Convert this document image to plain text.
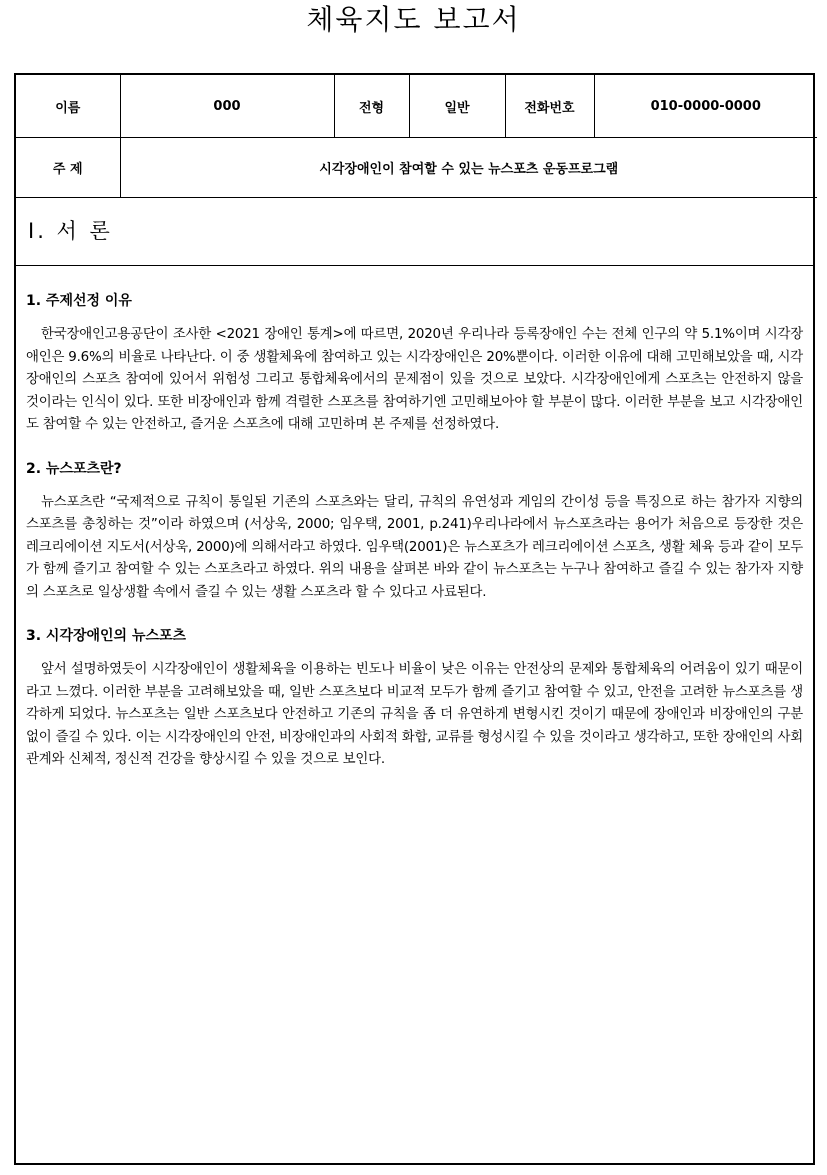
체육지도 보고서
이름	000	전형	일반	전화번호	010-0000-0000
주 제	시각장애인이 참여할 수 있는 뉴스포츠 운동프로그램				
Ⅰ. 서 론
1. 주제선정 이유

한국장애인고용공단이 조사한 <2021 장애인 통계>에 따르면, 2020년 우리나라 등록장애인 수는 전체 인구의 약 5.1%이며 시각장애인은 9.6%의 비율로 나타난다. 이 중 생활체육에 참여하고 있는 시각장애인은 20%뿐이다. 이러한 이유에 대해 고민해보았을 때, 시각장애인의 스포츠 참여에 있어서 위험성 그리고 통합체육에서의 문제점이 있을 것으로 보았다. 시각장애인에게 스포츠는 안전하지 않을 것이라는 인식이 있다. 또한 비장애인과 함께 격렬한 스포츠를 참여하기엔 고민해보아야 할 부분이 많다. 이러한 부분을 보고 시각장애인도 참여할 수 있는 안전하고, 즐거운 스포츠에 대해 고민하며 본 주제를 선정하였다.

2. 뉴스포츠란?

뉴스포츠란 “국제적으로 규칙이 통일된 기존의 스포츠와는 달리, 규칙의 유연성과 게임의 간이성 등을 특징으로 하는 참가자 지향의 스포츠를 총칭하는 것”이라 하였으며 (서상욱, 2000; 임우택, 2001, p.241)우리나라에서 뉴스포츠라는 용어가 처음으로 등장한 것은 레크리에이션 지도서(서상욱, 2000)에 의해서라고 하였다. 임우택(2001)은 뉴스포츠가 레크리에이션 스포츠, 생활 체육 등과 같이 모두가 함께 즐기고 참여할 수 있는 스포츠라고 하였다. 위의 내용을 살펴본 바와 같이 뉴스포츠는 누구나 참여하고 즐길 수 있는 참가자 지향의 스포츠로 일상생활 속에서 즐길 수 있는 생활 스포츠라 할 수 있다고 사료된다.

3. 시각장애인의 뉴스포츠

앞서 설명하였듯이 시각장애인이 생활체육을 이용하는 빈도나 비율이 낮은 이유는 안전상의 문제와 통합체육의 어려움이 있기 때문이라고 느꼈다. 이러한 부분을 고려해보았을 때, 일반 스포츠보다 비교적 모두가 함께 즐기고 참여할 수 있고, 안전을 고려한 뉴스포츠를 생각하게 되었다. 뉴스포츠는 일반 스포츠보다 안전하고 기존의 규칙을 좀 더 유연하게 변형시킨 것이기 때문에 장애인과 비장애인의 구분 없이 즐길 수 있다. 이는 시각장애인의 안전, 비장애인과의 사회적 화합, 교류를 형성시킬 수 있을 것이라고 생각하고, 또한 장애인의 사회관계와 신체적, 정신적 건강을 향상시킬 수 있을 것으로 보인다.
